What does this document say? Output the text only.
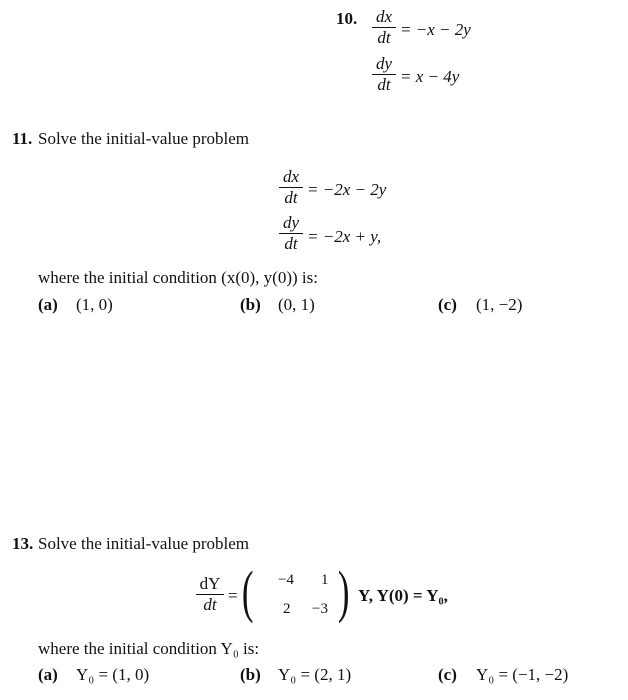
10. dx
dt = −x − 2y
dy
dt = x − 4y
11. Solve the initial-value problem
dx
dt = −2x − 2y
dy
dt = −2x + y,
where the initial condition (x(0), y(0)) is:
(a) (1, 0)	(b) (0, 1)	(c) (1, −2)
13. Solve the initial-value problem
dY
dt = ( −4 1
2 −3 ) Y, Y(0) = Y₀,
where the initial condition Y₀ is:
(a) Y₀ = (1, 0)	(b) Y₀ = (2, 1)	(c) Y₀ = (−1, −2)
